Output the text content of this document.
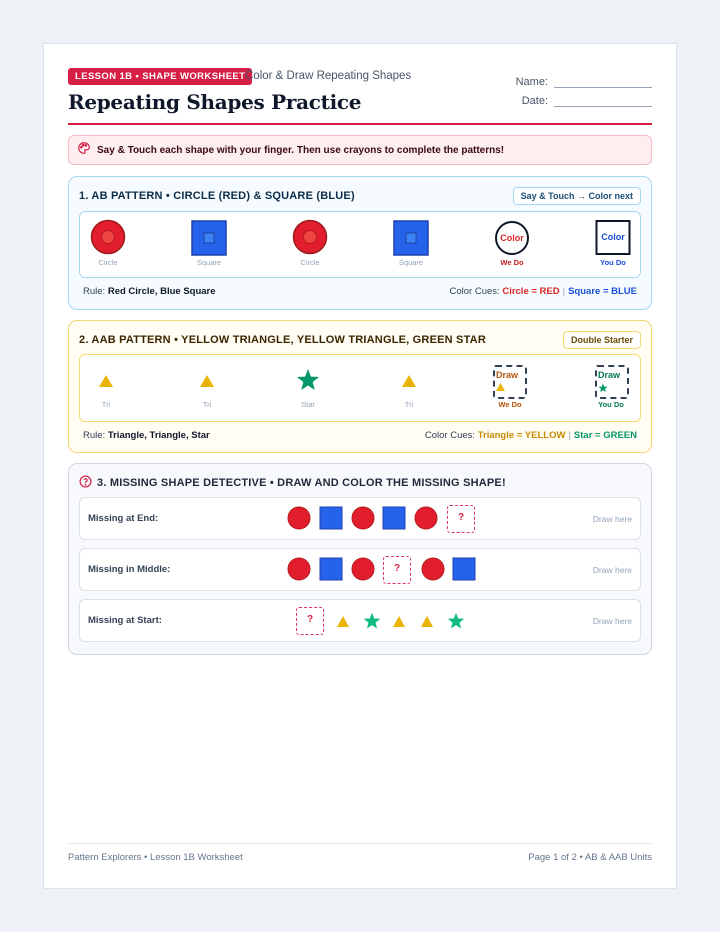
LESSON 1B • SHAPE WORKSHEET Color & Draw Repeating Shapes
Repeating Shapes Practice
Name:
Date:
Say & Touch each shape with your finger. Then use crayons to complete the patterns!
1. AB PATTERN • CIRCLE (RED) & SQUARE (BLUE)	Say & Touch → Color next
Circle	Square	Circle	Square
Color
We Do
Color
You Do
Rule: Red Circle, Blue Square	Color Cues: Circle = RED | Square = BLUE
2. AAB PATTERN • YELLOW TRIANGLE, YELLOW TRIANGLE, GREEN STAR	Double Starter
Tri	Tri	Star	Tri
Draw
We Do
Draw
You Do
Rule: Triangle, Triangle, Star	Color Cues: Triangle = YELLOW | Star = GREEN
3. MISSING SHAPE DETECTIVE • DRAW AND COLOR THE MISSING SHAPE!
Missing at End:	?	Draw here
Missing in Middle:	?	Draw here
Missing at Start:	?	Draw here
Pattern Explorers • Lesson 1B Worksheet	Page 1 of 2 • AB & AAB Units
